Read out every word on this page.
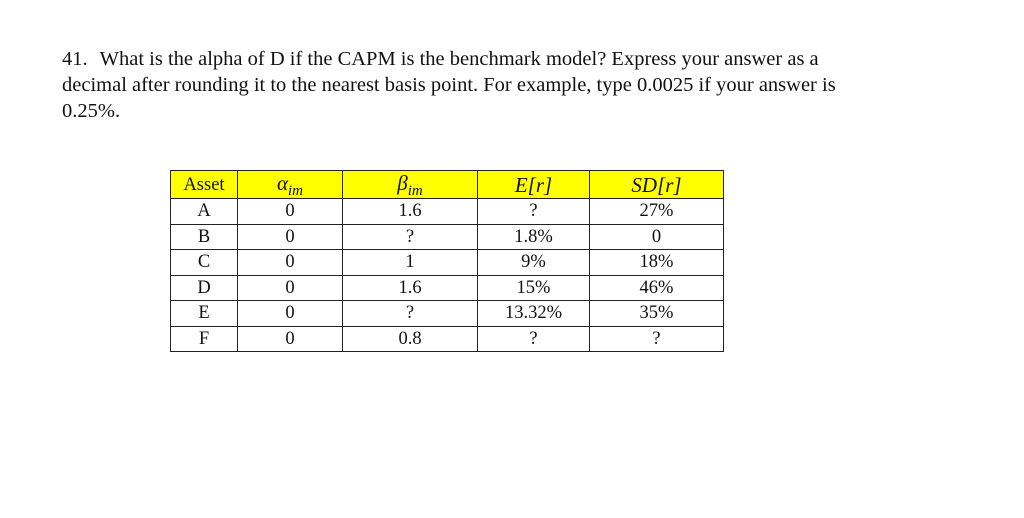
41. What is the alpha of D if the CAPM is the benchmark model? Express your answer as a
decimal after rounding it to the nearest basis point. For example, type 0.0025 if your answer is
0.25%.
Asset	$\alpha_{im}$	$\beta_{im}$	E[r]	SD[r]
A	0	1.6	?	27%
B	0	?	1.8%	0
C	0	1	9%	18%
D	0	1.6	15%	46%
E	0	?	13.32%	35%
F	0	0.8	?	?
